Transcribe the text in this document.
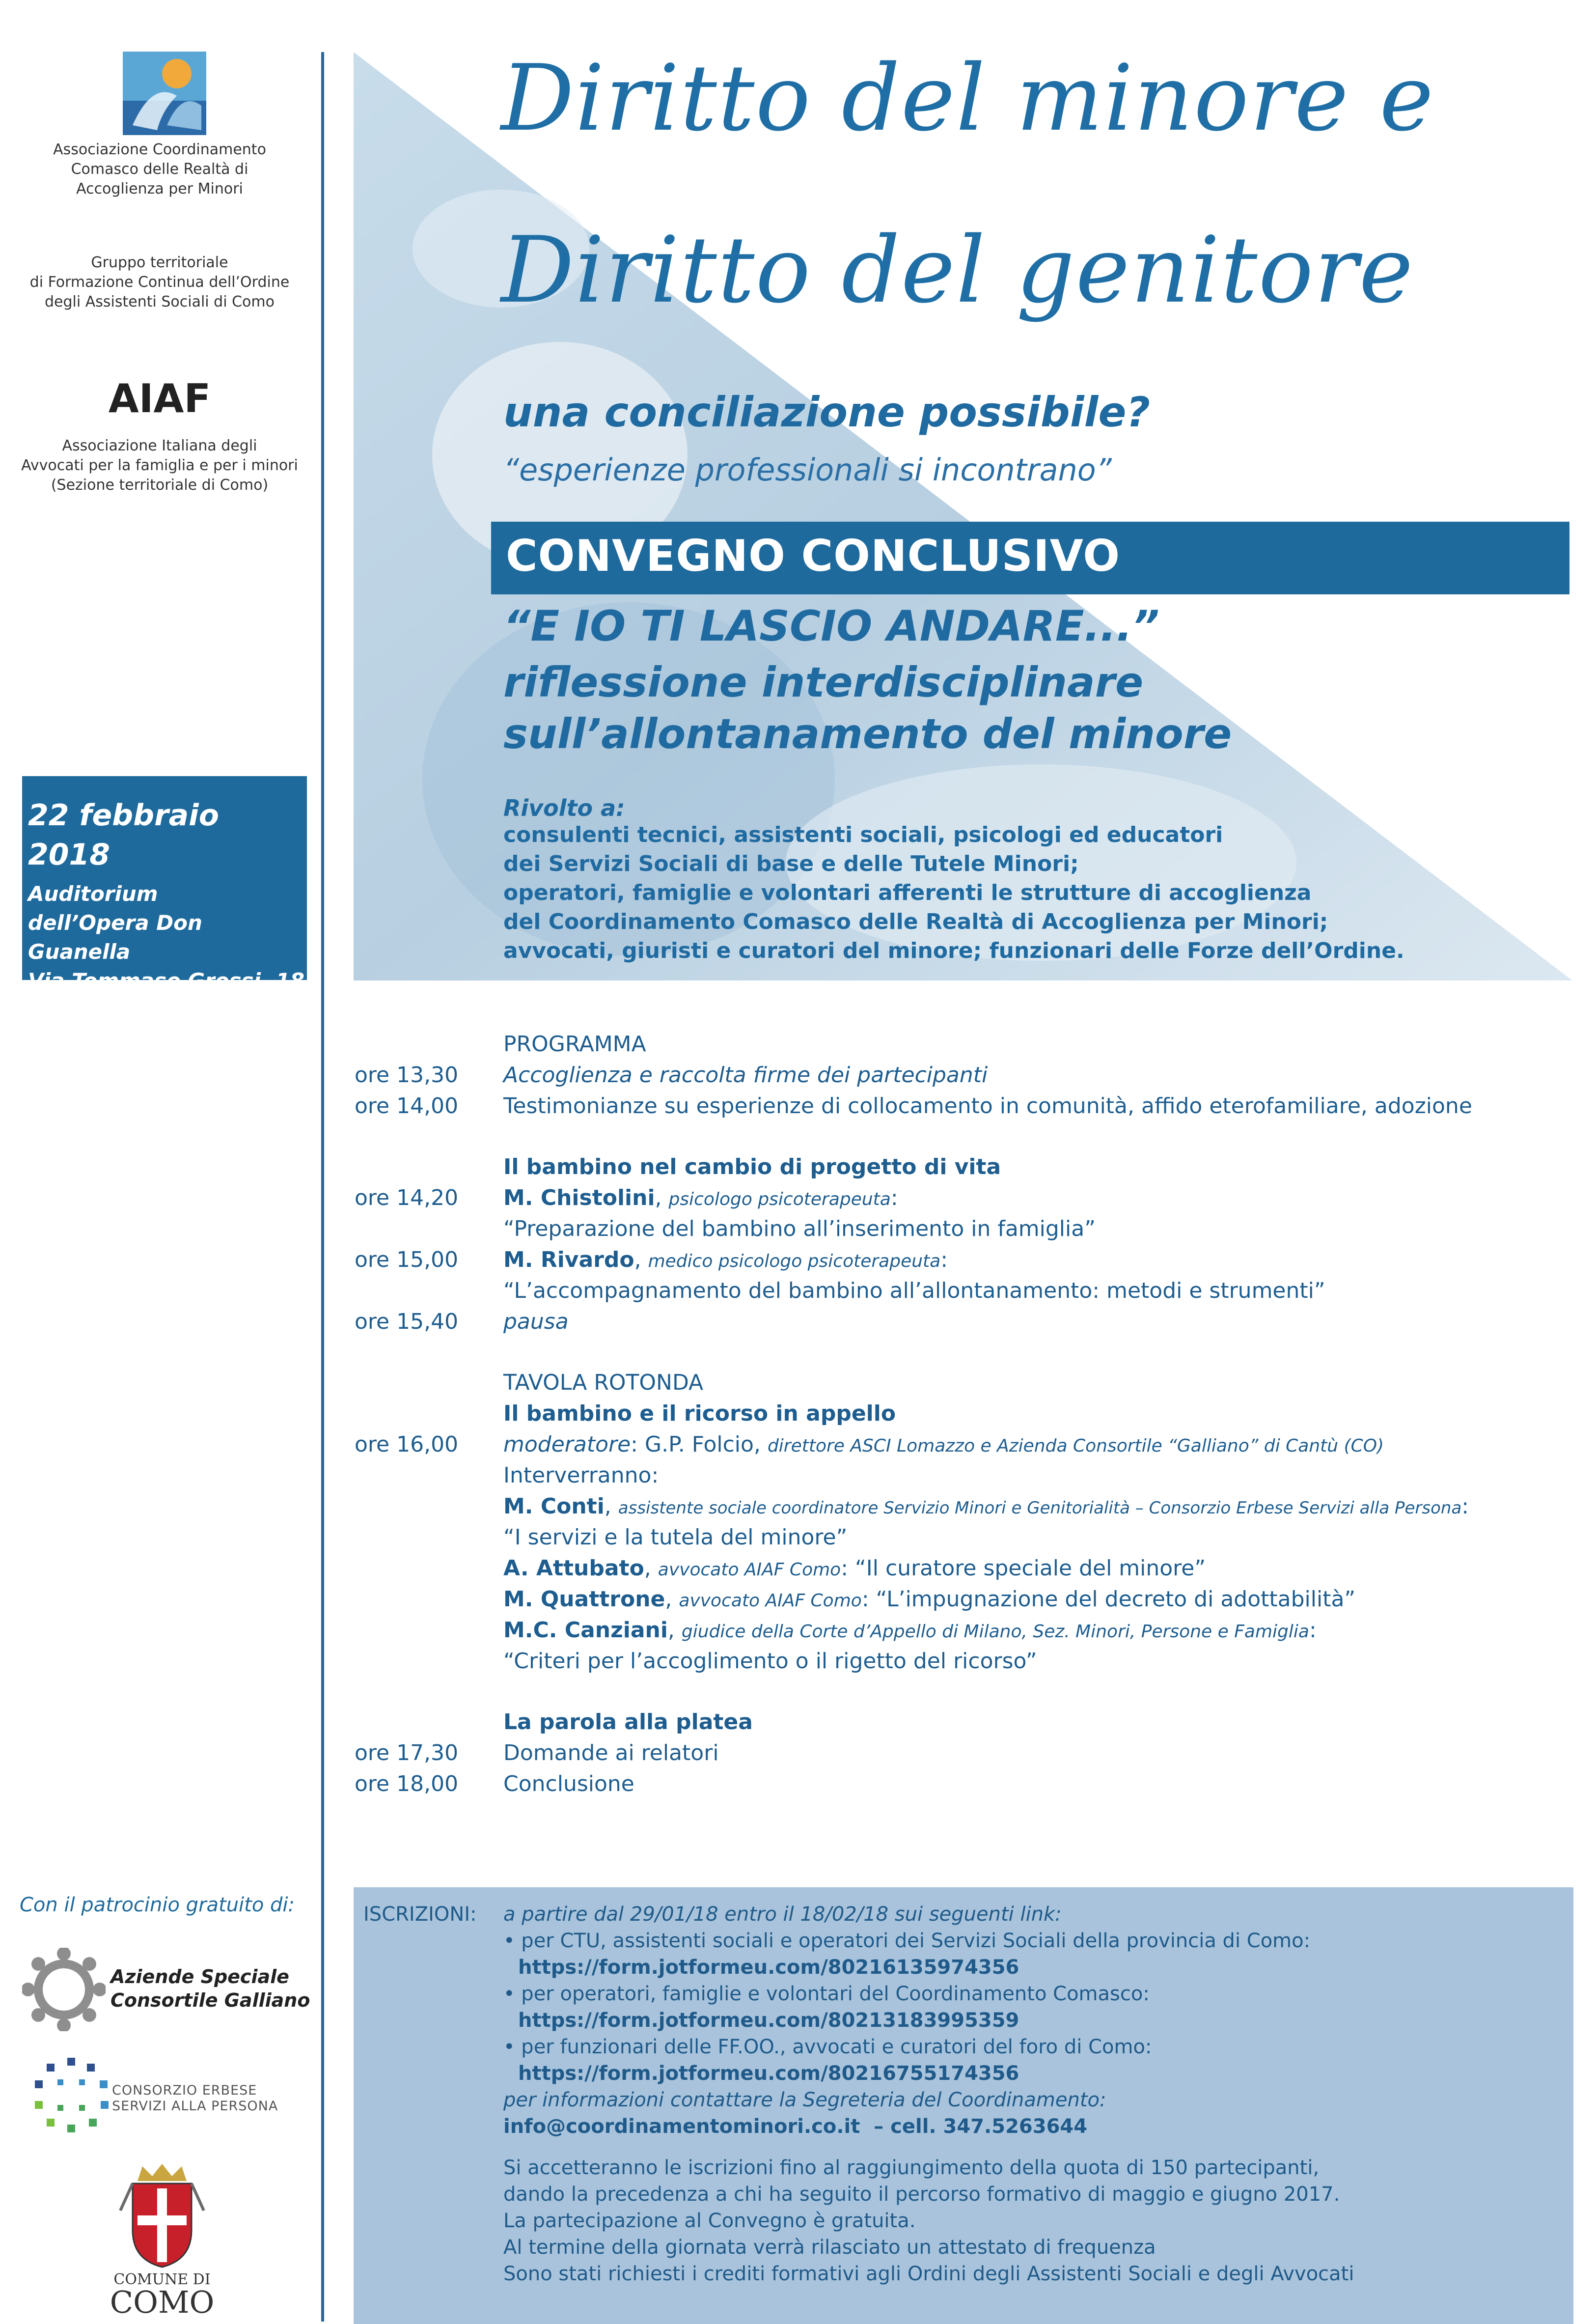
Associazione Coordinamento
Comasco delle Realtà di
Accoglienza per Minori
Gruppo territoriale
di Formazione Continua dell’Ordine
degli Assistenti Sociali di Como
AIAF
Associazione Italiana degli
Avvocati per la famiglia e per i minori
(Sezione territoriale di Como)
22 febbraio 2018
Auditorium
dell’Opera Don Guanella
Via Tommaso Grossi, 18
Como
Con il patrocinio gratuito di:
Aziende Speciale
Consortile Galliano
CONSORZIO ERBESE
SERVIZI ALLA PERSONA
COMUNE DI
COMO
Diritto del minore e
Diritto del genitore
una conciliazione possibile?
“esperienze professionali si incontrano”
CONVEGNO CONCLUSIVO
“E IO TI LASCIO ANDARE...”
riflessione interdisciplinare
sull’allontanamento del minore
Rivolto a:
consulenti tecnici, assistenti sociali, psicologi ed educatori
dei Servizi Sociali di base e delle Tutele Minori;
operatori, famiglie e volontari afferenti le strutture di accoglienza
del Coordinamento Comasco delle Realtà di Accoglienza per Minori;
avvocati, giuristi e curatori del minore; funzionari delle Forze dell’Ordine.
PROGRAMMA
ore 13,30 Accoglienza e raccolta firme dei partecipanti
ore 14,00 Testimonianze su esperienze di collocamento in comunità, affido eterofamiliare, adozione
Il bambino nel cambio di progetto di vita
ore 14,20 M. Chistolini, psicologo psicoterapeuta:
“Preparazione del bambino all’inserimento in famiglia”
ore 15,00 M. Rivardo, medico psicologo psicoterapeuta:
“L’accompagnamento del bambino all’allontanamento: metodi e strumenti”
ore 15,40 pausa
TAVOLA ROTONDA
Il bambino e il ricorso in appello
ore 16,00 moderatore: G.P. Folcio, direttore ASCI Lomazzo e Azienda Consortile “Galliano” di Cantù (CO)
Interverranno:
M. Conti, assistente sociale coordinatore Servizio Minori e Genitorialità – Consorzio Erbese Servizi alla Persona:
“I servizi e la tutela del minore”
A. Attubato, avvocato AIAF Como: “Il curatore speciale del minore”
M. Quattrone, avvocato AIAF Como: “L’impugnazione del decreto di adottabilità”
M.C. Canziani, giudice della Corte d’Appello di Milano, Sez. Minori, Persone e Famiglia:
“Criteri per l’accoglimento o il rigetto del ricorso”
La parola alla platea
ore 17,30 Domande ai relatori
ore 18,00 Conclusione
ISCRIZIONI: a partire dal 29/01/18 entro il 18/02/18 sui seguenti link:
• per CTU, assistenti sociali e operatori dei Servizi Sociali della provincia di Como:
https://form.jotformeu.com/80216135974356
• per operatori, famiglie e volontari del Coordinamento Comasco:
https://form.jotformeu.com/80213183995359
• per funzionari delle FF.OO., avvocati e curatori del foro di Como:
https://form.jotformeu.com/80216755174356
per informazioni contattare la Segreteria del Coordinamento:
info@coordinamentominori.co.it – cell. 347.5263644
Si accetteranno le iscrizioni fino al raggiungimento della quota di 150 partecipanti,
dando la precedenza a chi ha seguito il percorso formativo di maggio e giugno 2017.
La partecipazione al Convegno è gratuita.
Al termine della giornata verrà rilasciato un attestato di frequenza
Sono stati richiesti i crediti formativi agli Ordini degli Assistenti Sociali e degli Avvocati
